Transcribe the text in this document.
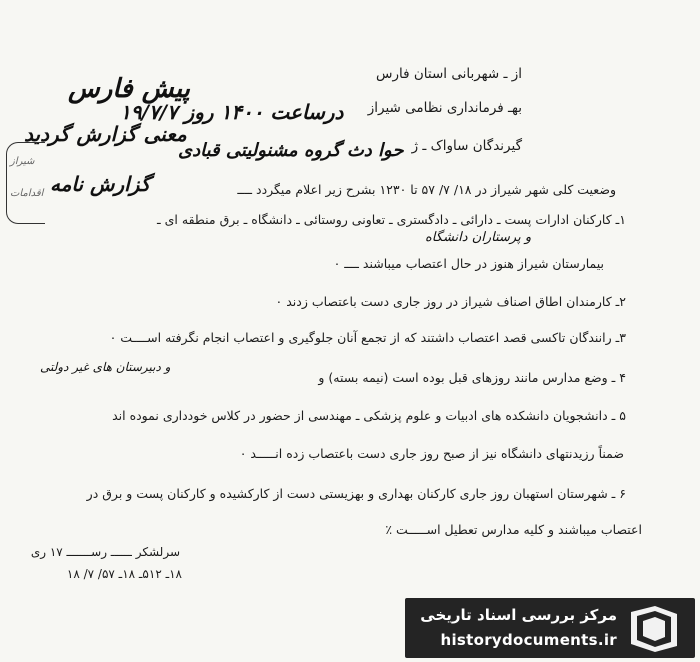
از ـ شهربانی استان فارس
بهـ فرمانداری نظامی شیراز
گیرندگان ساواک ـ ژ
پیش فارس
درساعت ۱۴۰۰ روز ۱۹/۷/۷
معنی گزارش گردید
حوا دث گروه مشنولیتی قبادی
گزارش نامه
شیراز
اقدامات	وضعیت کلی شهر شیراز در ۱۸/ ۷/ ۵۷ تا ۱۲۳۰ بشرح زیر اعلام میگردد ــــ
۱ـ کارکنان ادارات پست ـ دارائی ـ دادگستری ـ تعاونی روستائی ـ دانشگاه ـ برق منطقه ای ـ
و پرستاران دانشگاه
بیمارستان شیراز هنوز در حال اعتصاب میباشند ــــ ۰
۲ـ کارمندان اطاق اصناف شیراز در روز جاری دست باعتصاب زدند ۰
۳ـ رانندگان تاکسی قصد اعتصاب داشتند که از تجمع آنان جلوگیری و اعتصاب انجام نگرفته اســــت ۰
۴ ـ وضع مدارس مانند روزهای قبل بوده است (نیمه بسته) و
و دبیرستان های غیر دولتی
۵ ـ دانشجویان دانشکده های ادبیات و علوم پزشکی ـ مهندسی از حضور در کلاس خودداری نموده اند
ضمناً رزیدنتهای دانشگاه نیز از صبح روز جاری دست باعتصاب زده انـــــد ۰
۶ ـ شهرستان استهبان روز جاری کارکنان بهداری و بهزیستی دست از کارکشیده و کارکنان پست و برق در
اعتصاب میباشند و کلیه مدارس تعطیل اســـــت ٪
سرلشکر ــــــ رســـــــ ۱۷ ری
۱۸ـ ۵۱۲ـ ۱۸ـ ۵۷/ ۷/ ۱۸
مرکز بررسی اسناد تاریخی
historydocuments.ir
